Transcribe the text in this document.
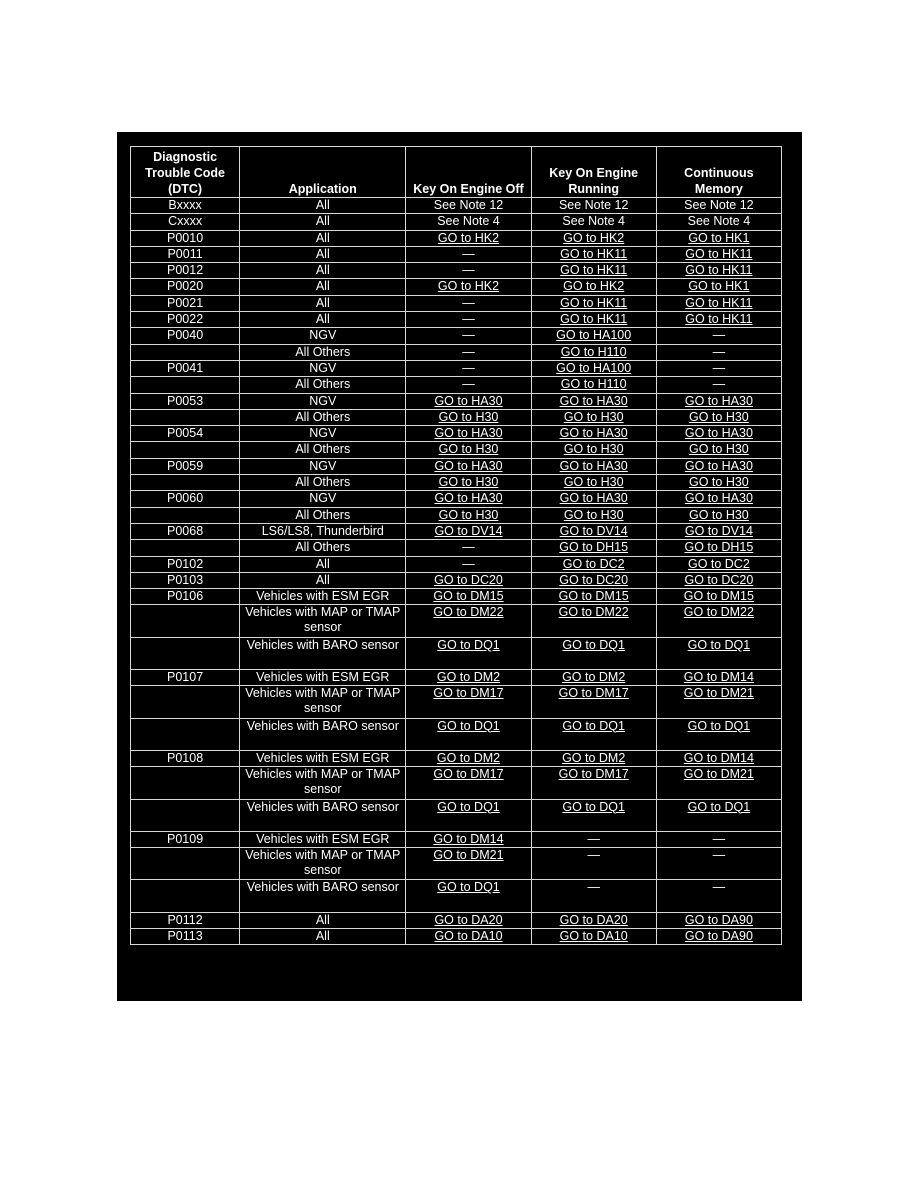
Diagnostic Trouble Code (DTC)	Application	Key On Engine Off	Key On Engine Running	Continuous Memory
Bxxxx	All	See Note 12	See Note 12	See Note 12
Cxxxx	All	See Note 4	See Note 4	See Note 4
P0010	All	GO to HK2	GO to HK2	GO to HK1
P0011	All	—	GO to HK11	GO to HK11
P0012	All	—	GO to HK11	GO to HK11
P0020	All	GO to HK2	GO to HK2	GO to HK1
P0021	All	—	GO to HK11	GO to HK11
P0022	All	—	GO to HK11	GO to HK11
P0040	NGV	—	GO to HA100	—
	All Others	—	GO to H110	—
P0041	NGV	—	GO to HA100	—
	All Others	—	GO to H110	—
P0053	NGV	GO to HA30	GO to HA30	GO to HA30
	All Others	GO to H30	GO to H30	GO to H30
P0054	NGV	GO to HA30	GO to HA30	GO to HA30
	All Others	GO to H30	GO to H30	GO to H30
P0059	NGV	GO to HA30	GO to HA30	GO to HA30
	All Others	GO to H30	GO to H30	GO to H30
P0060	NGV	GO to HA30	GO to HA30	GO to HA30
	All Others	GO to H30	GO to H30	GO to H30
P0068	LS6/LS8, Thunderbird	GO to DV14	GO to DV14	GO to DV14
	All Others	—	GO to DH15	GO to DH15
P0102	All	—	GO to DC2	GO to DC2
P0103	All	GO to DC20	GO to DC20	GO to DC20
P0106	Vehicles with ESM EGR	GO to DM15	GO to DM15	GO to DM15
	Vehicles with MAP or TMAP sensor	GO to DM22	GO to DM22	GO to DM22
	Vehicles with BARO sensor	GO to DQ1	GO to DQ1	GO to DQ1
P0107	Vehicles with ESM EGR	GO to DM2	GO to DM2	GO to DM14
	Vehicles with MAP or TMAP sensor	GO to DM17	GO to DM17	GO to DM21
	Vehicles with BARO sensor	GO to DQ1	GO to DQ1	GO to DQ1
P0108	Vehicles with ESM EGR	GO to DM2	GO to DM2	GO to DM14
	Vehicles with MAP or TMAP sensor	GO to DM17	GO to DM17	GO to DM21
	Vehicles with BARO sensor	GO to DQ1	GO to DQ1	GO to DQ1
P0109	Vehicles with ESM EGR	GO to DM14	—	—
	Vehicles with MAP or TMAP sensor	GO to DM21	—	—
	Vehicles with BARO sensor	GO to DQ1	—	—
P0112	All	GO to DA20	GO to DA20	GO to DA90
P0113	All	GO to DA10	GO to DA10	GO to DA90
